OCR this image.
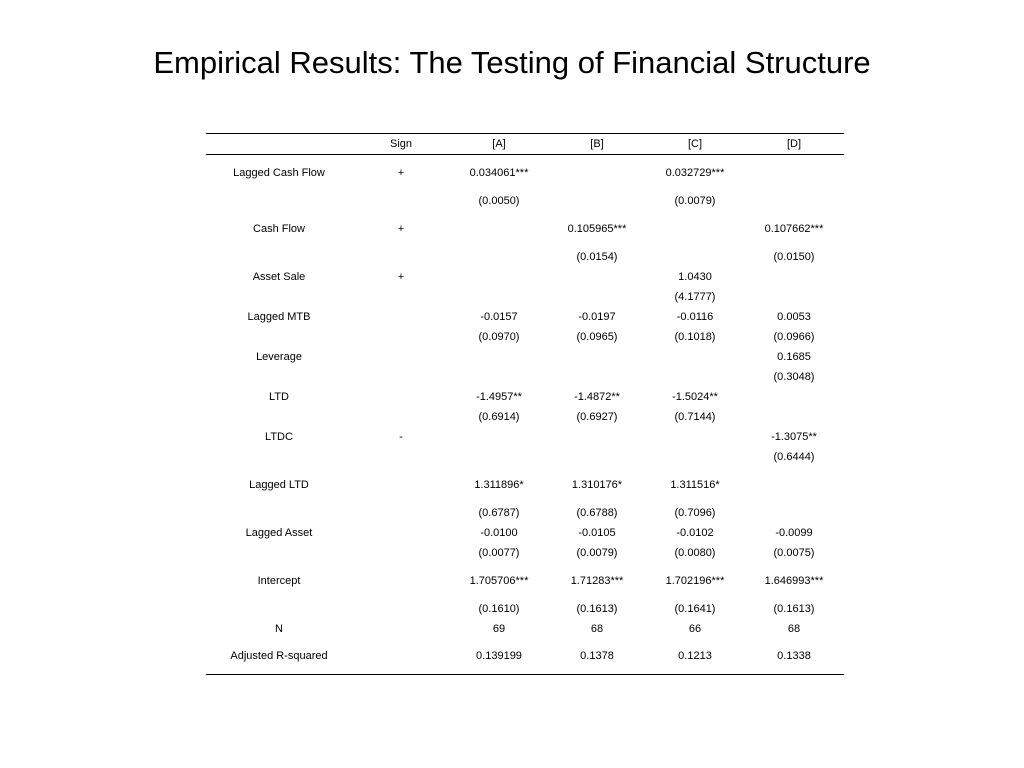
Empirical Results: The Testing of Financial Structure
	Sign	[A]	[B]	[C]	[D]
Lagged Cash Flow	+	0.034061***		0.032729***	
		(0.0050)		(0.0079)	
Cash Flow	+		0.105965***		0.107662***
			(0.0154)		(0.0150)
Asset Sale	+			1.0430	
				(4.1777)	
Lagged MTB		-0.0157	-0.0197	-0.0116	0.0053
		(0.0970)	(0.0965)	(0.1018)	(0.0966)
Leverage					0.1685
					(0.3048)
LTD		-1.4957**	-1.4872**	-1.5024**	
		(0.6914)	(0.6927)	(0.7144)	
LTDC	-				-1.3075**
					(0.6444)
Lagged LTD		1.311896*	1.310176*	1.311516*	
		(0.6787)	(0.6788)	(0.7096)	
Lagged Asset		-0.0100	-0.0105	-0.0102	-0.0099
		(0.0077)	(0.0079)	(0.0080)	(0.0075)
Intercept		1.705706***	1.71283***	1.702196***	1.646993***
		(0.1610)	(0.1613)	(0.1641)	(0.1613)
N		69	68	66	68
Adjusted R-squared		0.139199	0.1378	0.1213	0.1338
